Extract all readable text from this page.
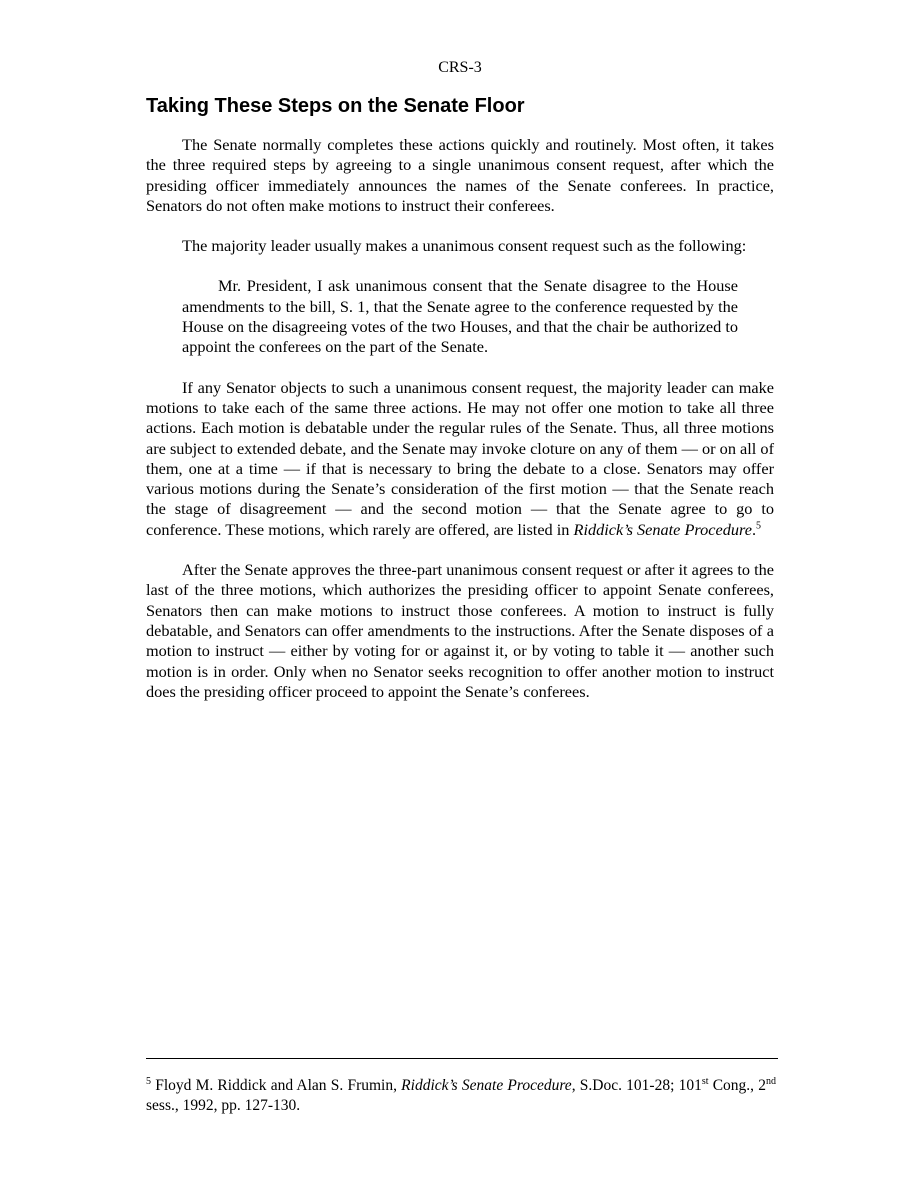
CRS-3
Taking These Steps on the Senate Floor

The Senate normally completes these actions quickly and routinely. Most often, it takes the three required steps by agreeing to a single unanimous consent request, after which the presiding officer immediately announces the names of the Senate conferees. In practice, Senators do not often make motions to instruct their conferees.

The majority leader usually makes a unanimous consent request such as the following:

Mr. President, I ask unanimous consent that the Senate disagree to the House amendments to the bill, S. 1, that the Senate agree to the conference requested by the House on the disagreeing votes of the two Houses, and that the chair be authorized to appoint the conferees on the part of the Senate.

If any Senator objects to such a unanimous consent request, the majority leader can make motions to take each of the same three actions. He may not offer one motion to take all three actions. Each motion is debatable under the regular rules of the Senate. Thus, all three motions are subject to extended debate, and the Senate may invoke cloture on any of them — or on all of them, one at a time — if that is necessary to bring the debate to a close. Senators may offer various motions during the Senate’s consideration of the first motion — that the Senate reach the stage of disagreement — and the second motion — that the Senate agree to go to conference. These motions, which rarely are offered, are listed in Riddick’s Senate Procedure.$^5$

After the Senate approves the three-part unanimous consent request or after it agrees to the last of the three motions, which authorizes the presiding officer to appoint Senate conferees, Senators then can make motions to instruct those conferees. A motion to instruct is fully debatable, and Senators can offer amendments to the instructions. After the Senate disposes of a motion to instruct — either by voting for or against it, or by voting to table it — another such motion is in order. Only when no Senator seeks recognition to offer another motion to instruct does the presiding officer proceed to appoint the Senate’s conferees.

$^5$ Floyd M. Riddick and Alan S. Frumin, Riddick’s Senate Procedure, S.Doc. 101-28; 101st Cong., 2nd sess., 1992, pp. 127-130.
